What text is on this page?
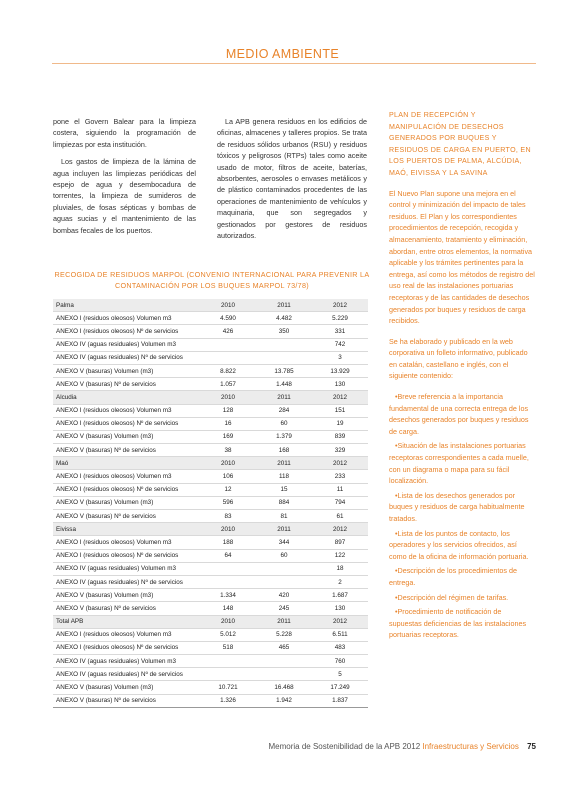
MEDIO AMBIENTE

pone el Govern Balear para la limpieza costera, siguiendo la programación de limpiezas por esta institución.

Los gastos de limpieza de la lámina de agua incluyen las limpiezas periódicas del espejo de agua y desembocadura de torrentes, la limpieza de sumideros de pluviales, de fosas sépticas y bombas de aguas sucias y el mantenimiento de las bombas fecales de los puertos.

La APB genera residuos en los edificios de oficinas, almacenes y talleres propios. Se trata de residuos sólidos urbanos (RSU) y residuos tóxicos y peligrosos (RTPs) tales como aceite usado de motor, filtros de aceite, baterías, absorbentes, aerosoles o envases metálicos y de plástico contaminados procedentes de las operaciones de mantenimiento de vehículos y maquinaria, que son segregados y gestionados por gestores de residuos autorizados.

PLAN DE RECEPCIÓN Y MANIPULACIÓN DE DESECHOS GENERADOS POR BUQUES Y RESIDUOS DE CARGA EN PUERTO, EN LOS PUERTOS DE PALMA, ALCÚDIA, MAÓ, EIVISSA Y LA SAVINA

El Nuevo Plan supone una mejora en el control y minimización del impacto de tales residuos. El Plan y los correspondientes procedimientos de recepción, recogida y almacenamiento, tratamiento y eliminación, abordan, entre otros elementos, la normativa aplicable y los trámites pertinentes para la entrega, así como los métodos de registro del uso real de las instalaciones portuarias receptoras y de las cantidades de desechos generados por buques y residuos de carga recibidos.

Se ha elaborado y publicado en la web corporativa un folleto informativo, publicado en catalán, castellano e inglés, con el siguiente contenido:

•Breve referencia a la importancia fundamental de una correcta entrega de los desechos generados por buques y residuos de carga.
•Situación de las instalaciones portuarias receptoras correspondientes a cada muelle, con un diagrama o mapa para su fácil localización.
•Lista de los desechos generados por buques y residuos de carga habitualmente tratados.
•Lista de los puntos de contacto, los operadores y los servicios ofrecidos, así como de la oficina de información portuaria.
•Descripción de los procedimientos de entrega.
•Descripción del régimen de tarifas.
•Procedimiento de notificación de supuestas deficiencias de las instalaciones portuarias receptoras.
RECOGIDA DE RESIDUOS MARPOL (CONVENIO INTERNACIONAL PARA PREVENIR LA CONTAMINACIÓN POR LOS BUQUES MARPOL 73/78)
Palma	2010	2011	2012
ANEXO I (residuos oleosos) Volumen m3	4.590	4.482	5.229
ANEXO I (residuos oleosos) Nº de servicios	426	350	331
ANEXO IV (aguas residuales) Volumen m3			742
ANEXO IV (aguas residuales) Nº de servicios			3
ANEXO V (basuras) Volumen (m3)	8.822	13.785	13.929
ANEXO V (basuras) Nº de servicios	1.057	1.448	130
Alcudia	2010	2011	2012
ANEXO I (residuos oleosos) Volumen m3	128	284	151
ANEXO I (residuos oleosos) Nº de servicios	16	60	19
ANEXO V (basuras) Volumen (m3)	169	1.379	839
ANEXO V (basuras) Nº de servicios	38	168	329
Maó	2010	2011	2012
ANEXO I (residuos oleosos) Volumen m3	106	118	233
ANEXO I (residuos oleosos) Nº de servicios	12	15	11
ANEXO V (basuras) Volumen (m3)	596	884	794
ANEXO V (basuras) Nº de servicios	83	81	61
Eivissa	2010	2011	2012
ANEXO I (residuos oleosos) Volumen m3	188	344	897
ANEXO I (residuos oleosos) Nº de servicios	64	60	122
ANEXO IV (aguas residuales) Volumen m3			18
ANEXO IV (aguas residuales) Nº de servicios			2
ANEXO V (basuras) Volumen (m3)	1.334	420	1.687
ANEXO V (basuras) Nº de servicios	148	245	130
Total APB	2010	2011	2012
ANEXO I (residuos oleosos) Volumen m3	5.012	5.228	6.511
ANEXO I (residuos oleosos) Nº de servicios	518	465	483
ANEXO IV (aguas residuales) Volumen m3			760
ANEXO IV (aguas residuales) Nº de servicios			5
ANEXO V (basuras) Volumen (m3)	10.721	16.468	17.249
ANEXO V (basuras) Nº de servicios	1.326	1.942	1.837
Memoria de Sostenibilidad de la APB 2012 Infraestructuras y Servicios 75
